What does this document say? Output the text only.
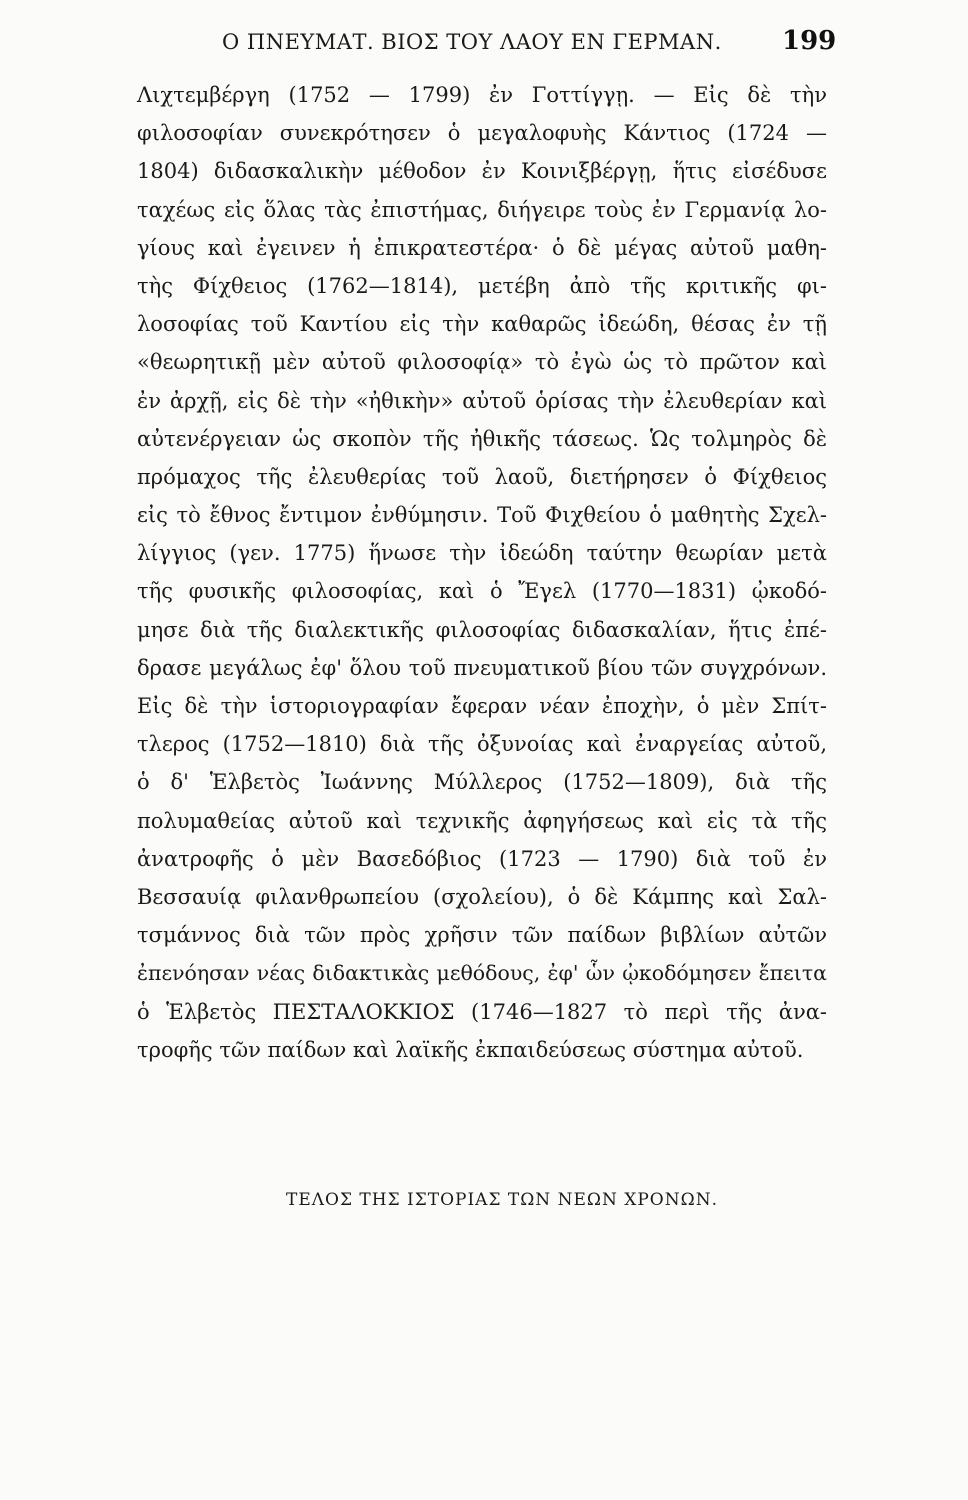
Ο ΠΝΕΥΜΑΤ. ΒΙΟΣ ΤΟΥ ΛΑΟΥ ΕΝ ΓΕΡΜΑΝ.	199
Λιχτεμβέργη (1752 — 1799) ἐν Γοττίγγῃ. — Εἰς δὲ τὴν
φιλοσοφίαν συνεκρότησεν ὁ μεγαλοφυὴς Κάντιος (1724 —
1804) διδασκαλικὴν μέθοδον ἐν Κοινιξβέργῃ, ἥτις εἰσέδυσε
ταχέως εἰς ὅλας τὰς ἐπιστήμας, διήγειρε τοὺς ἐν Γερμανίᾳ λο-
γίους καὶ ἐγεινεν ἡ ἐπικρατεστέρα· ὁ δὲ μέγας αὐτοῦ μαθη-
τὴς Φίχθειος (1762—1814), μετέβη ἀπὸ τῆς κριτικῆς φι-
λοσοφίας τοῦ Καντίου εἰς τὴν καθαρῶς ἰδεώδη, θέσας ἐν τῇ
«θεωρητικῇ μὲν αὐτοῦ φιλοσοφίᾳ» τὸ ἐγὼ ὡς τὸ πρῶτον καὶ
ἐν ἀρχῇ, εἰς δὲ τὴν «ἠθικὴν» αὐτοῦ ὁρίσας τὴν ἐλευθερίαν καὶ
αὐτενέργειαν ὡς σκοπὸν τῆς ἠθικῆς τάσεως. Ὡς τολμηρὸς δὲ
πρόμαχος τῆς ἐλευθερίας τοῦ λαοῦ, διετήρησεν ὁ Φίχθειος
εἰς τὸ ἔθνος ἔντιμον ἐνθύμησιν. Τοῦ Φιχθείου ὁ μαθητὴς Σχελ-
λίγγιος (γεν. 1775) ἥνωσε τὴν ἰδεώδη ταύτην θεωρίαν μετὰ
τῆς φυσικῆς φιλοσοφίας, καὶ ὁ Ἔγελ (1770—1831) ᾠκοδό-
μησε διὰ τῆς διαλεκτικῆς φιλοσοφίας διδασκαλίαν, ἥτις ἐπέ-
δρασε μεγάλως ἐφ' ὅλου τοῦ πνευματικοῦ βίου τῶν συγχρόνων.
Εἰς δὲ τὴν ἱστοριογραφίαν ἔφεραν νέαν ἐποχὴν, ὁ μὲν Σπίτ-
τλερος (1752—1810) διὰ τῆς ὀξυνοίας καὶ ἐναργείας αὐτοῦ,
ὁ δ' Ἑλβετὸς Ἰωάννης Μύλλερος (1752—1809), διὰ τῆς
πολυμαθείας αὐτοῦ καὶ τεχνικῆς ἀφηγήσεως καὶ εἰς τὰ τῆς
ἀνατροφῆς ὁ μὲν Βασεδόβιος (1723 — 1790) διὰ τοῦ ἐν
Βεσσαυίᾳ φιλανθρωπείου (σχολείου), ὁ δὲ Κάμπης καὶ Σαλ-
τσμάννος διὰ τῶν πρὸς χρῆσιν τῶν παίδων βιβλίων αὐτῶν
ἐπενόησαν νέας διδακτικὰς μεθόδους, ἐφ' ὧν ᾠκοδόμησεν ἔπειτα
ὁ Ἑλβετὸς ΠΕΣΤΑΛΟΚΚΙΟΣ (1746—1827 τὸ περὶ τῆς ἀνα-
τροφῆς τῶν παίδων καὶ λαϊκῆς ἐκπαιδεύσεως σύστημα αὐτοῦ.
ΤΕΛΟΣ ΤΗΣ ΙΣΤΟΡΙΑΣ ΤΩΝ ΝΕΩΝ ΧΡΟΝΩΝ.
